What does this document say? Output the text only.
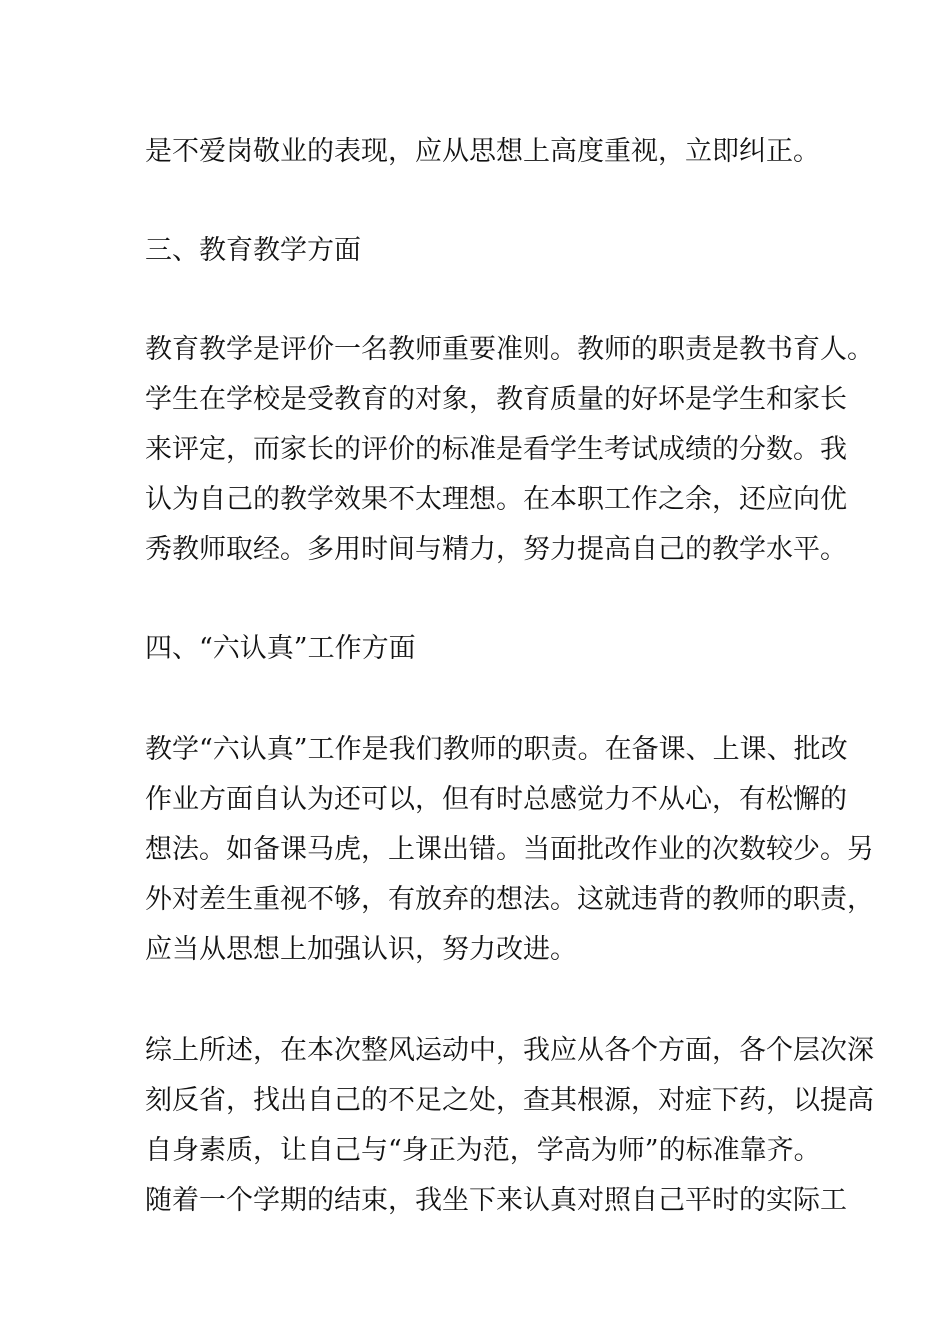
是不爱岗敬业的表现，应从思想上高度重视，立即纠正。
三、教育教学方面
教育教学是评价一名教师重要准则。教师的职责是教书育人。
学生在学校是受教育的对象，教育质量的好坏是学生和家长
来评定，而家长的评价的标准是看学生考试成绩的分数。我
认为自己的教学效果不太理想。在本职工作之余，还应向优
秀教师取经。多用时间与精力，努力提高自己的教学水平。
四、“六认真”工作方面
教学“六认真”工作是我们教师的职责。在备课、上课、批改
作业方面自认为还可以，但有时总感觉力不从心，有松懈的
想法。如备课马虎，上课出错。当面批改作业的次数较少。另
外对差生重视不够，有放弃的想法。这就违背的教师的职责，
应当从思想上加强认识，努力改进。
综上所述，在本次整风运动中，我应从各个方面，各个层次深
刻反省，找出自己的不足之处，查其根源，对症下药，以提高
自身素质，让自己与“身正为范，学高为师”的标准靠齐。
随着一个学期的结束，我坐下来认真对照自己平时的实际工
